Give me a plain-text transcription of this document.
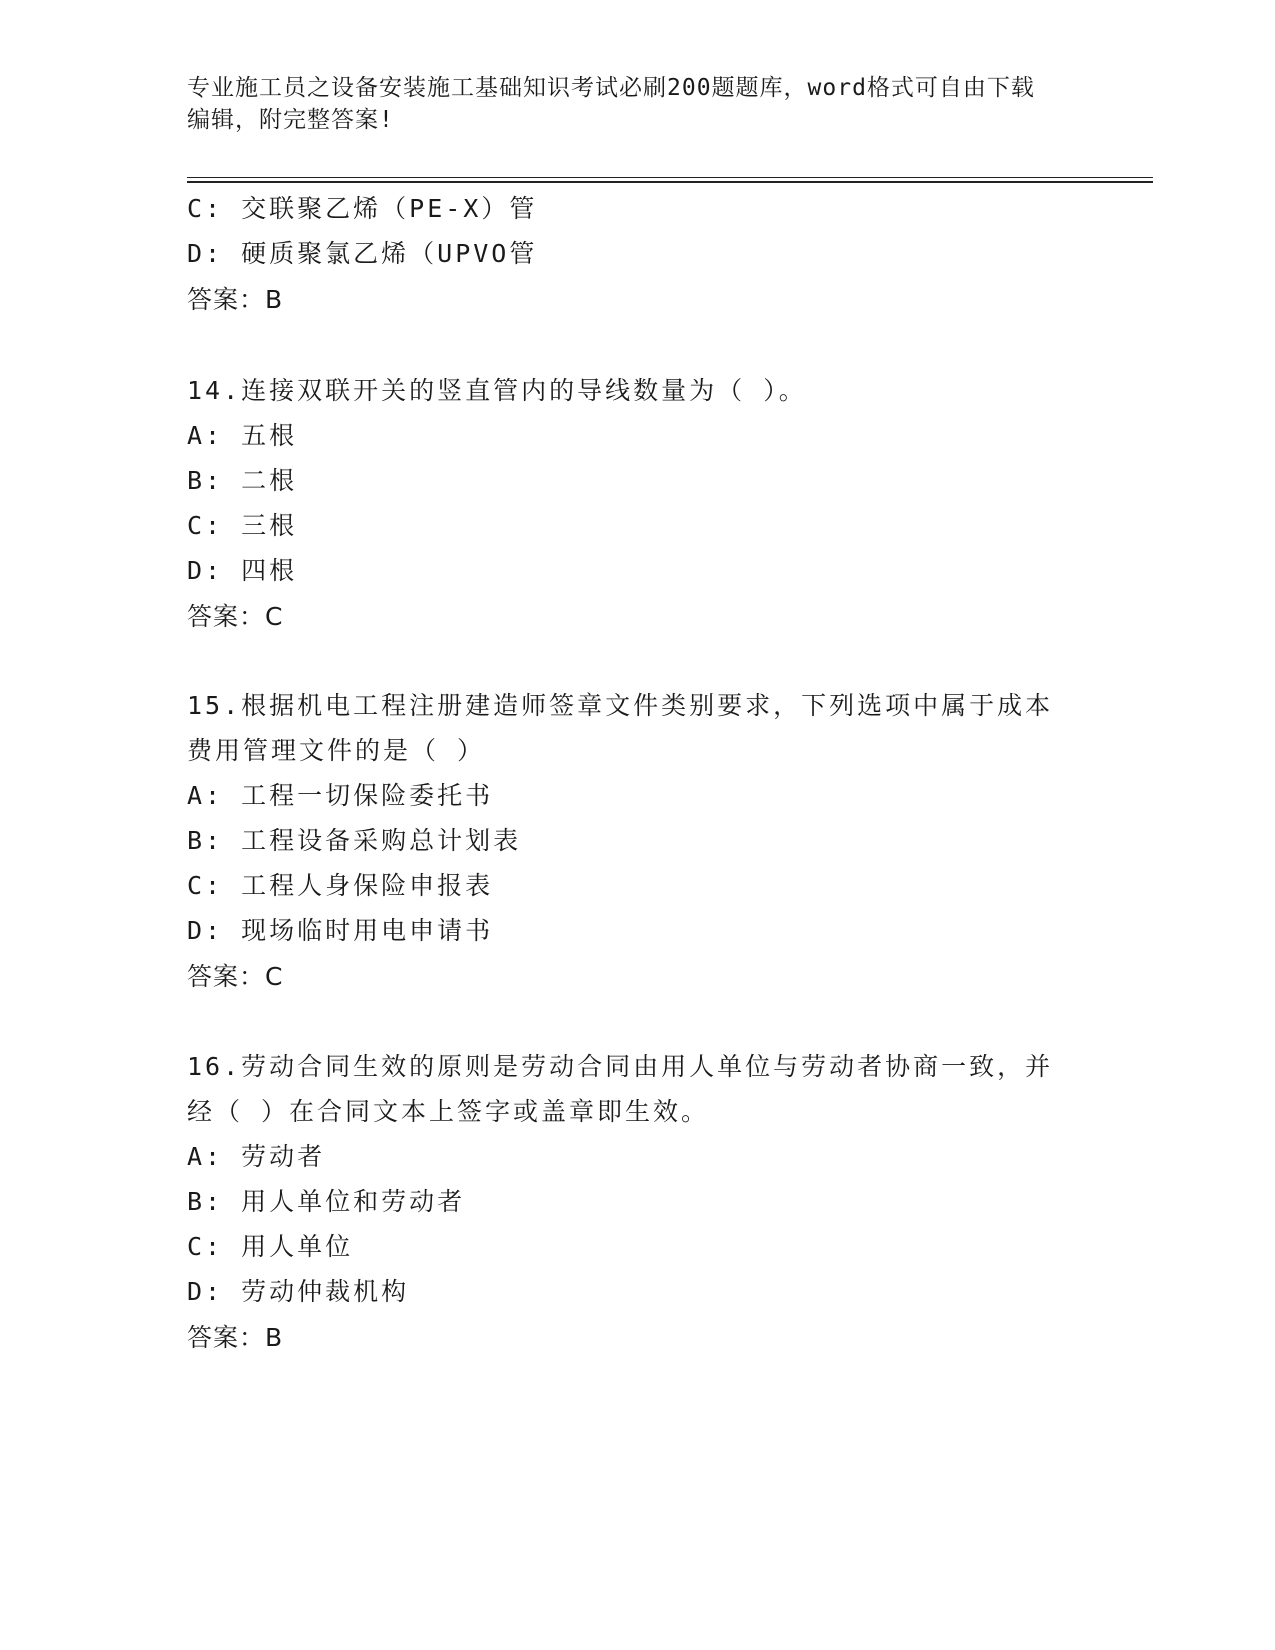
专业施工员之设备安装施工基础知识考试必刷200题题库，word格式可自由下载
编辑，附完整答案!
C: 交联聚乙烯（PE-X）管
D: 硬质聚氯乙烯（UPVO管
答案：B
14.连接双联开关的竖直管内的导线数量为（ ）。
A: 五根
B: 二根
C: 三根
D: 四根
答案：C
15.根据机电工程注册建造师签章文件类别要求，下列选项中属于成本
费用管理文件的是（ ）
A: 工程一切保险委托书
B: 工程设备采购总计划表
C: 工程人身保险申报表
D: 现场临时用电申请书
答案：C
16.劳动合同生效的原则是劳动合同由用人单位与劳动者协商一致，并
经（ ）在合同文本上签字或盖章即生效。
A: 劳动者
B: 用人单位和劳动者
C: 用人单位
D: 劳动仲裁机构
答案：B
